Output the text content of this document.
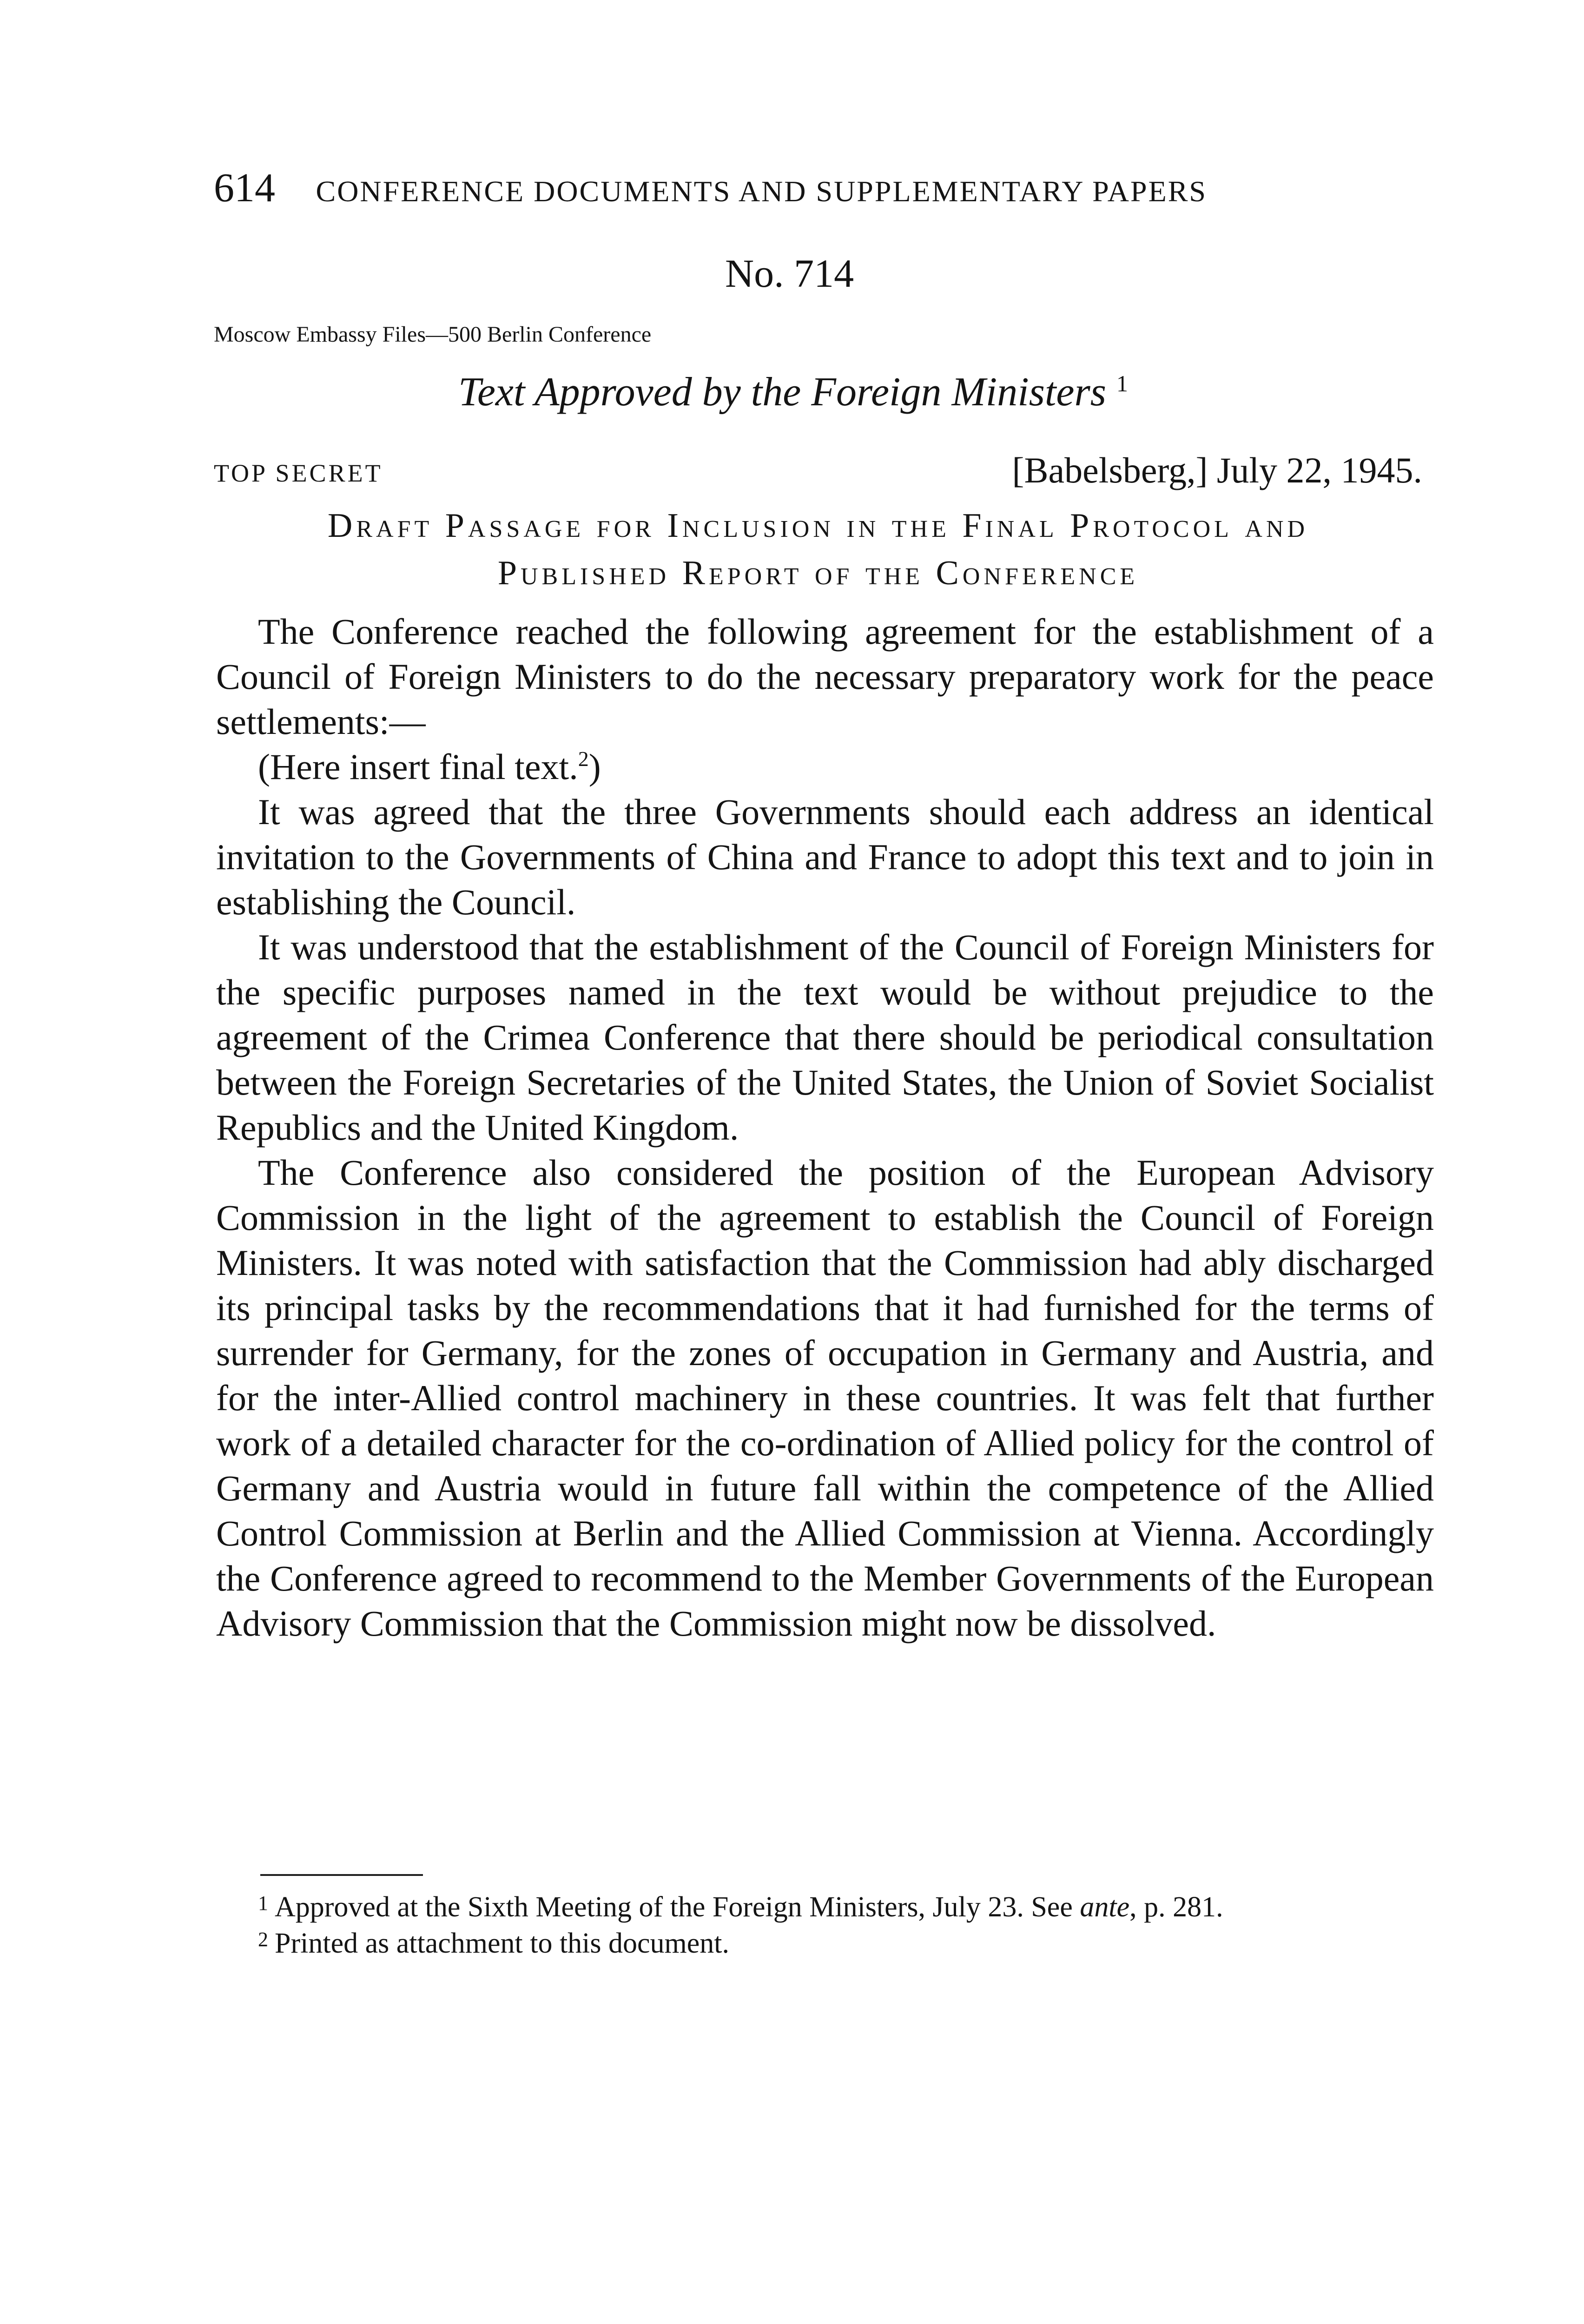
614 CONFERENCE DOCUMENTS AND SUPPLEMENTARY PAPERS
No. 714
Moscow Embassy Files—500 Berlin Conference
Text Approved by the Foreign Ministers $^1$
TOP SECRET	[Babelsberg,] July 22, 1945.
Draft Passage for Inclusion in the Final Protocol and
Published Report of the Conference

The Conference reached the following agreement for the establishment of a Council of Foreign Ministers to do the necessary preparatory work for the peace settlements:—

(Here insert final text.$^2$)

It was agreed that the three Governments should each address an identical invitation to the Governments of China and France to adopt this text and to join in establishing the Council.

It was understood that the establishment of the Council of Foreign Ministers for the specific purposes named in the text would be without prejudice to the agreement of the Crimea Conference that there should be periodical consultation between the Foreign Secretaries of the United States, the Union of Soviet Socialist Republics and the United Kingdom.

The Conference also considered the position of the European Advisory Commission in the light of the agreement to establish the Council of Foreign Ministers. It was noted with satisfaction that the Commission had ably discharged its principal tasks by the recommendations that it had furnished for the terms of surrender for Germany, for the zones of occupation in Germany and Austria, and for the inter-Allied control machinery in these countries. It was felt that further work of a detailed character for the co-ordination of Allied policy for the control of Germany and Austria would in future fall within the competence of the Allied Control Commission at Berlin and the Allied Commission at Vienna. Accordingly the Conference agreed to recommend to the Member Governments of the European Advisory Commission that the Commission might now be dissolved.

$^1$ Approved at the Sixth Meeting of the Foreign Ministers, July 23. See ante, p. 281.

$^2$ Printed as attachment to this document.
